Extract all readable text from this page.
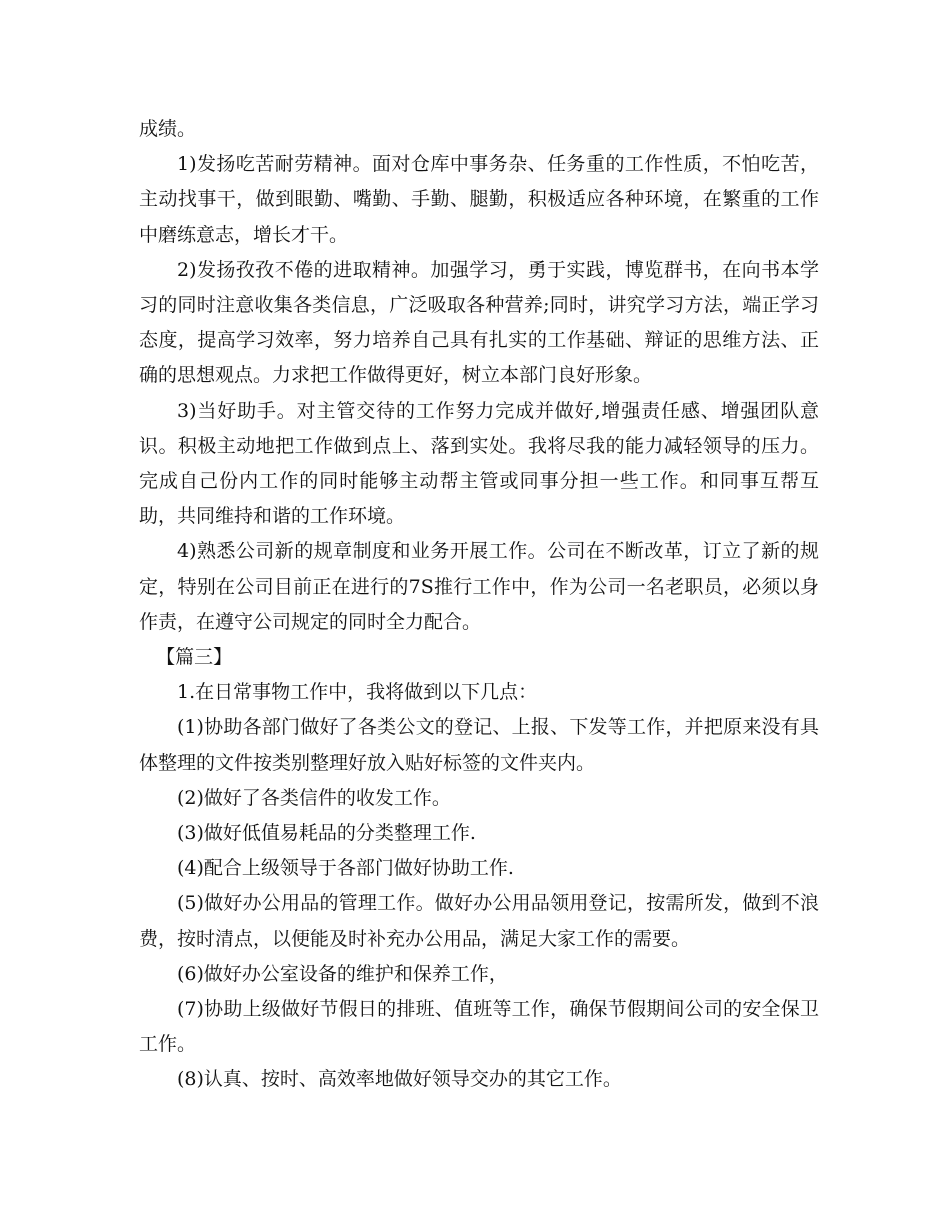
成绩。

1)发扬吃苦耐劳精神。面对仓库中事务杂、任务重的工作性质，不怕吃苦，主动找事干，做到眼勤、嘴勤、手勤、腿勤，积极适应各种环境，在繁重的工作中磨练意志，增长才干。

2)发扬孜孜不倦的进取精神。加强学习，勇于实践，博览群书，在向书本学习的同时注意收集各类信息，广泛吸取各种营养;同时，讲究学习方法，端正学习态度，提高学习效率，努力培养自己具有扎实的工作基础、辩证的思维方法、正确的思想观点。力求把工作做得更好，树立本部门良好形象。

3)当好助手。对主管交待的工作努力完成并做好,增强责任感、增强团队意识。积极主动地把工作做到点上、落到实处。我将尽我的能力减轻领导的压力。完成自己份内工作的同时能够主动帮主管或同事分担一些工作。和同事互帮互助，共同维持和谐的工作环境。

4)熟悉公司新的规章制度和业务开展工作。公司在不断改革，订立了新的规定，特别在公司目前正在进行的7S推行工作中，作为公司一名老职员，必须以身作责，在遵守公司规定的同时全力配合。

【篇三】

1.在日常事物工作中，我将做到以下几点：

(1)协助各部门做好了各类公文的登记、上报、下发等工作，并把原来没有具体整理的文件按类别整理好放入贴好标签的文件夹内。

(2)做好了各类信件的收发工作。

(3)做好低值易耗品的分类整理工作.

(4)配合上级领导于各部门做好协助工作.

(5)做好办公用品的管理工作。做好办公用品领用登记，按需所发，做到不浪费，按时清点，以便能及时补充办公用品，满足大家工作的需要。

(6)做好办公室设备的维护和保养工作，

(7)协助上级做好节假日的排班、值班等工作，确保节假期间公司的安全保卫工作。

(8)认真、按时、高效率地做好领导交办的其它工作。
